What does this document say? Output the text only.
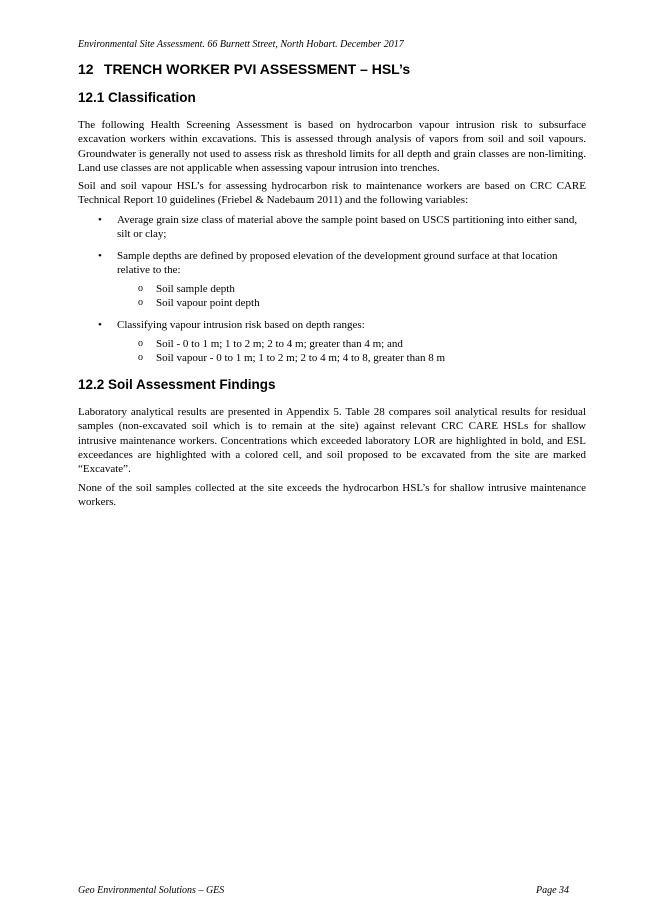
Environmental Site Assessment. 66 Burnett Street, North Hobart. December 2017
12 TRENCH WORKER PVI ASSESSMENT – HSL’s
12.1 Classification

The following Health Screening Assessment is based on hydrocarbon vapour intrusion risk to subsurface excavation workers within excavations. This is assessed through analysis of vapors from soil and soil vapours. Groundwater is generally not used to assess risk as threshold limits for all depth and grain classes are non-limiting. Land use classes are not applicable when assessing vapour intrusion into trenches.

Soil and soil vapour HSL’s for assessing hydrocarbon risk to maintenance workers are based on CRC CARE Technical Report 10 guidelines (Friebel & Nadebaum 2011) and the following variables:

• Average grain size class of material above the sample point based on USCS partitioning into either sand, silt or clay;

• Sample depths are defined by proposed elevation of the development ground surface at that location relative to the:

o Soil sample depth
o Soil vapour point depth
• Classifying vapour intrusion risk based on depth ranges:

o Soil - 0 to 1 m; 1 to 2 m; 2 to 4 m; greater than 4 m; and
o Soil vapour - 0 to 1 m; 1 to 2 m; 2 to 4 m; 4 to 8, greater than 8 m
12.2 Soil Assessment Findings

Laboratory analytical results are presented in Appendix 5. Table 28 compares soil analytical results for residual samples (non-excavated soil which is to remain at the site) against relevant CRC CARE HSLs for shallow intrusive maintenance workers. Concentrations which exceeded laboratory LOR are highlighted in bold, and ESL exceedances are highlighted with a colored cell, and soil proposed to be excavated from the site are marked “Excavate”.

None of the soil samples collected at the site exceeds the hydrocarbon HSL’s for shallow intrusive maintenance workers.

Geo Environmental Solutions – GES	Page 34
